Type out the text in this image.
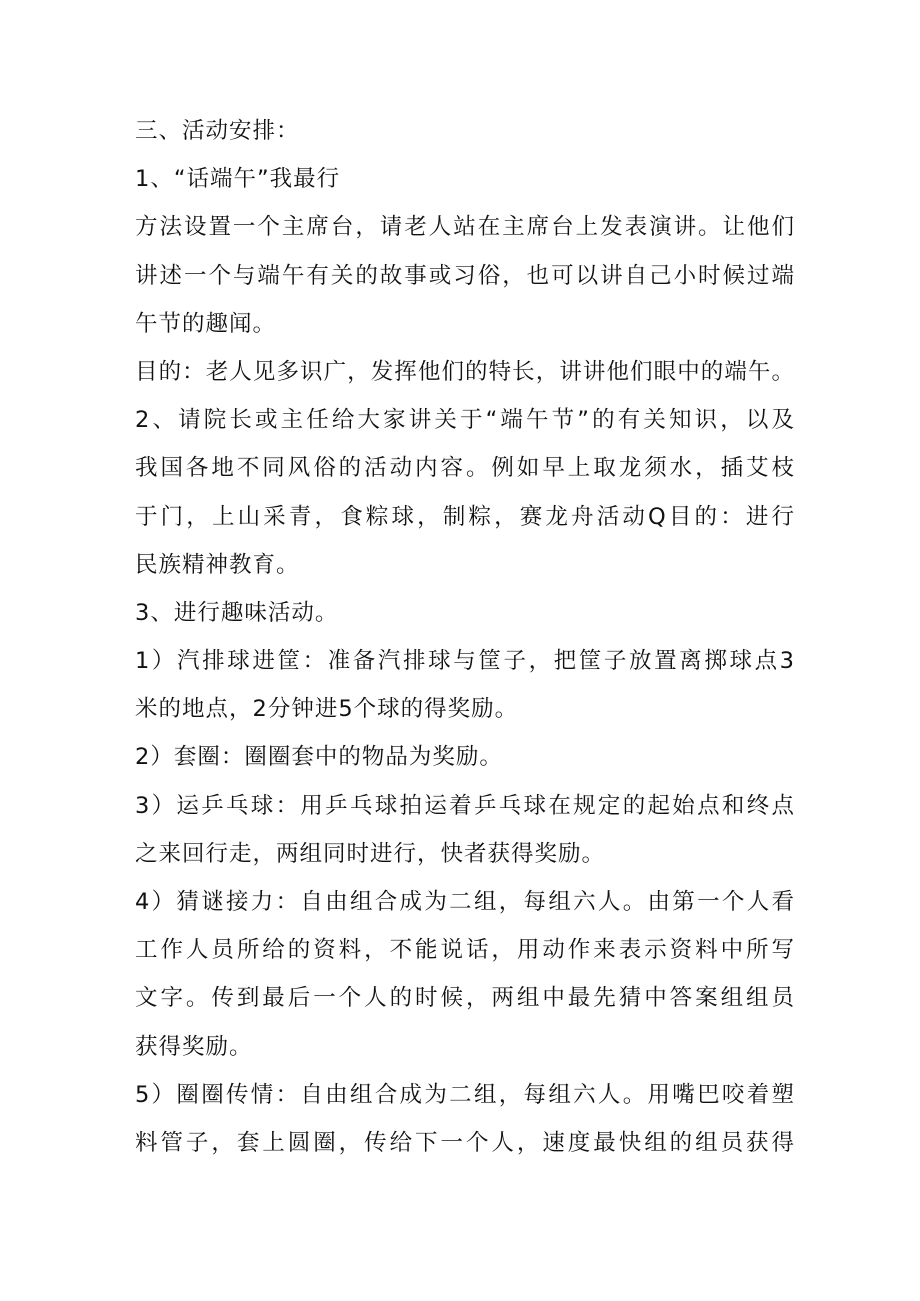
三、活动安排：
1、“话端午”我最行
方法设置一个主席台，请老人站在主席台上发表演讲。让他们
讲述一个与端午有关的故事或习俗，也可以讲自己小时候过端
午节的趣闻。
目的：老人见多识广，发挥他们的特长，讲讲他们眼中的端午。
2、请院长或主任给大家讲关于“端午节”的有关知识，以及
我国各地不同风俗的活动内容。例如早上取龙须水，插艾枝
于门，上山采青，食粽球，制粽，赛龙舟活动Q目的：进行
民族精神教育。
3、进行趣味活动。
1）汽排球进筐：准备汽排球与筐子，把筐子放置离掷球点3
米的地点，2分钟进5个球的得奖励。
2）套圈：圈圈套中的物品为奖励。
3）运乒乓球：用乒乓球拍运着乒乓球在规定的起始点和终点
之来回行走，两组同时进行，快者获得奖励。
4）猜谜接力：自由组合成为二组，每组六人。由第一个人看
工作人员所给的资料，不能说话，用动作来表示资料中所写
文字。传到最后一个人的时候，两组中最先猜中答案组组员
获得奖励。
5）圈圈传情：自由组合成为二组，每组六人。用嘴巴咬着塑
料管子，套上圆圈，传给下一个人，速度最快组的组员获得
